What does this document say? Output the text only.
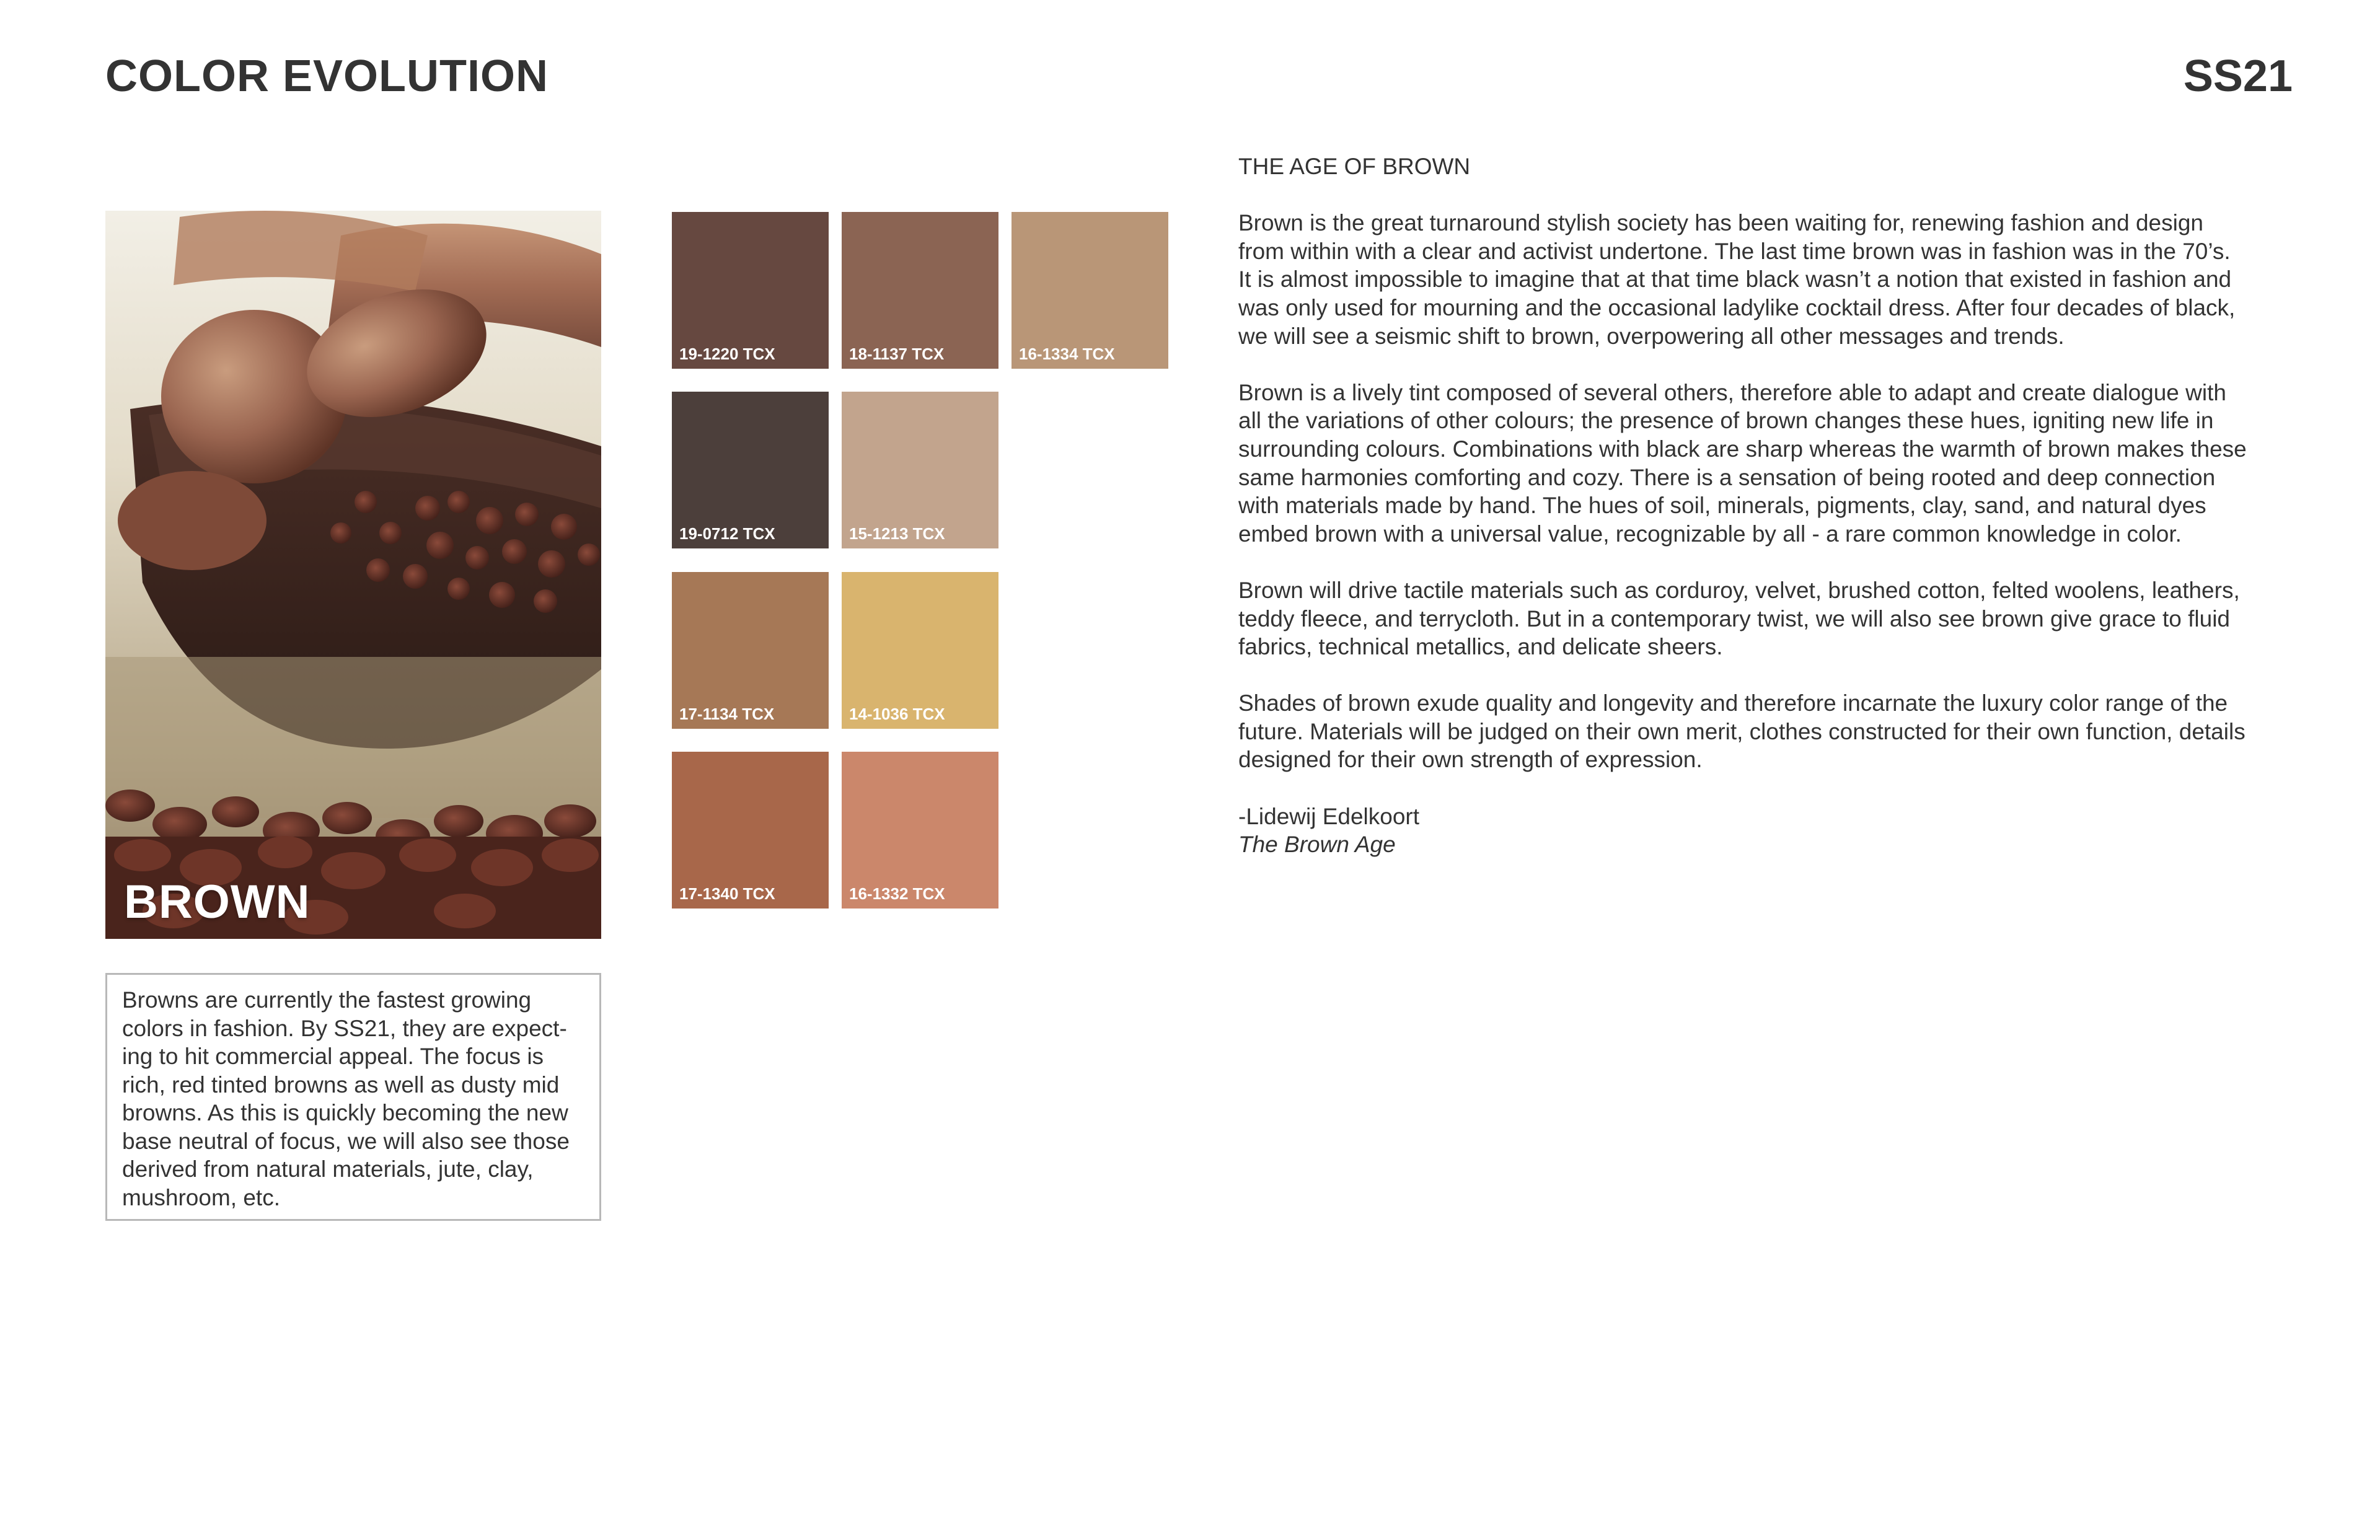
COLOR EVOLUTION	SS21
BROWN
Browns are currently the fastest growing colors in fashion. By SS21, they are expect-ing to hit commercial appeal. The focus is rich, red tinted browns as well as dusty mid browns. As this is quickly becoming the new base neutral of focus, we will also see those derived from natural materials, jute, clay, mushroom, etc.
19-1220 TCX	18-1137 TCX	16-1334 TCX
19-0712 TCX	15-1213 TCX
17-1134 TCX	14-1036 TCX
17-1340 TCX	16-1332 TCX
THE AGE OF BROWN

Brown is the great turnaround stylish society has been waiting for, renewing fashion and design
from within with a clear and activist undertone. The last time brown was in fashion was in the 70’s.
It is almost impossible to imagine that at that time black wasn’t a notion that existed in fashion and
was only used for mourning and the occasional ladylike cocktail dress. After four decades of black,
we will see a seismic shift to brown, overpowering all other messages and trends.

Brown is a lively tint composed of several others, therefore able to adapt and create dialogue with
all the variations of other colours; the presence of brown changes these hues, igniting new life in
surrounding colours. Combinations with black are sharp whereas the warmth of brown makes these
same harmonies comforting and cozy. There is a sensation of being rooted and deep connection
with materials made by hand. The hues of soil, minerals, pigments, clay, sand, and natural dyes
embed brown with a universal value, recognizable by all - a rare common knowledge in color.

Brown will drive tactile materials such as corduroy, velvet, brushed cotton, felted woolens, leathers,
teddy fleece, and terrycloth. But in a contemporary twist, we will also see brown give grace to fluid
fabrics, technical metallics, and delicate sheers.

Shades of brown exude quality and longevity and therefore incarnate the luxury color range of the
future. Materials will be judged on their own merit, clothes constructed for their own function, details
designed for their own strength of expression.

-Lidewij Edelkoort
The Brown Age
